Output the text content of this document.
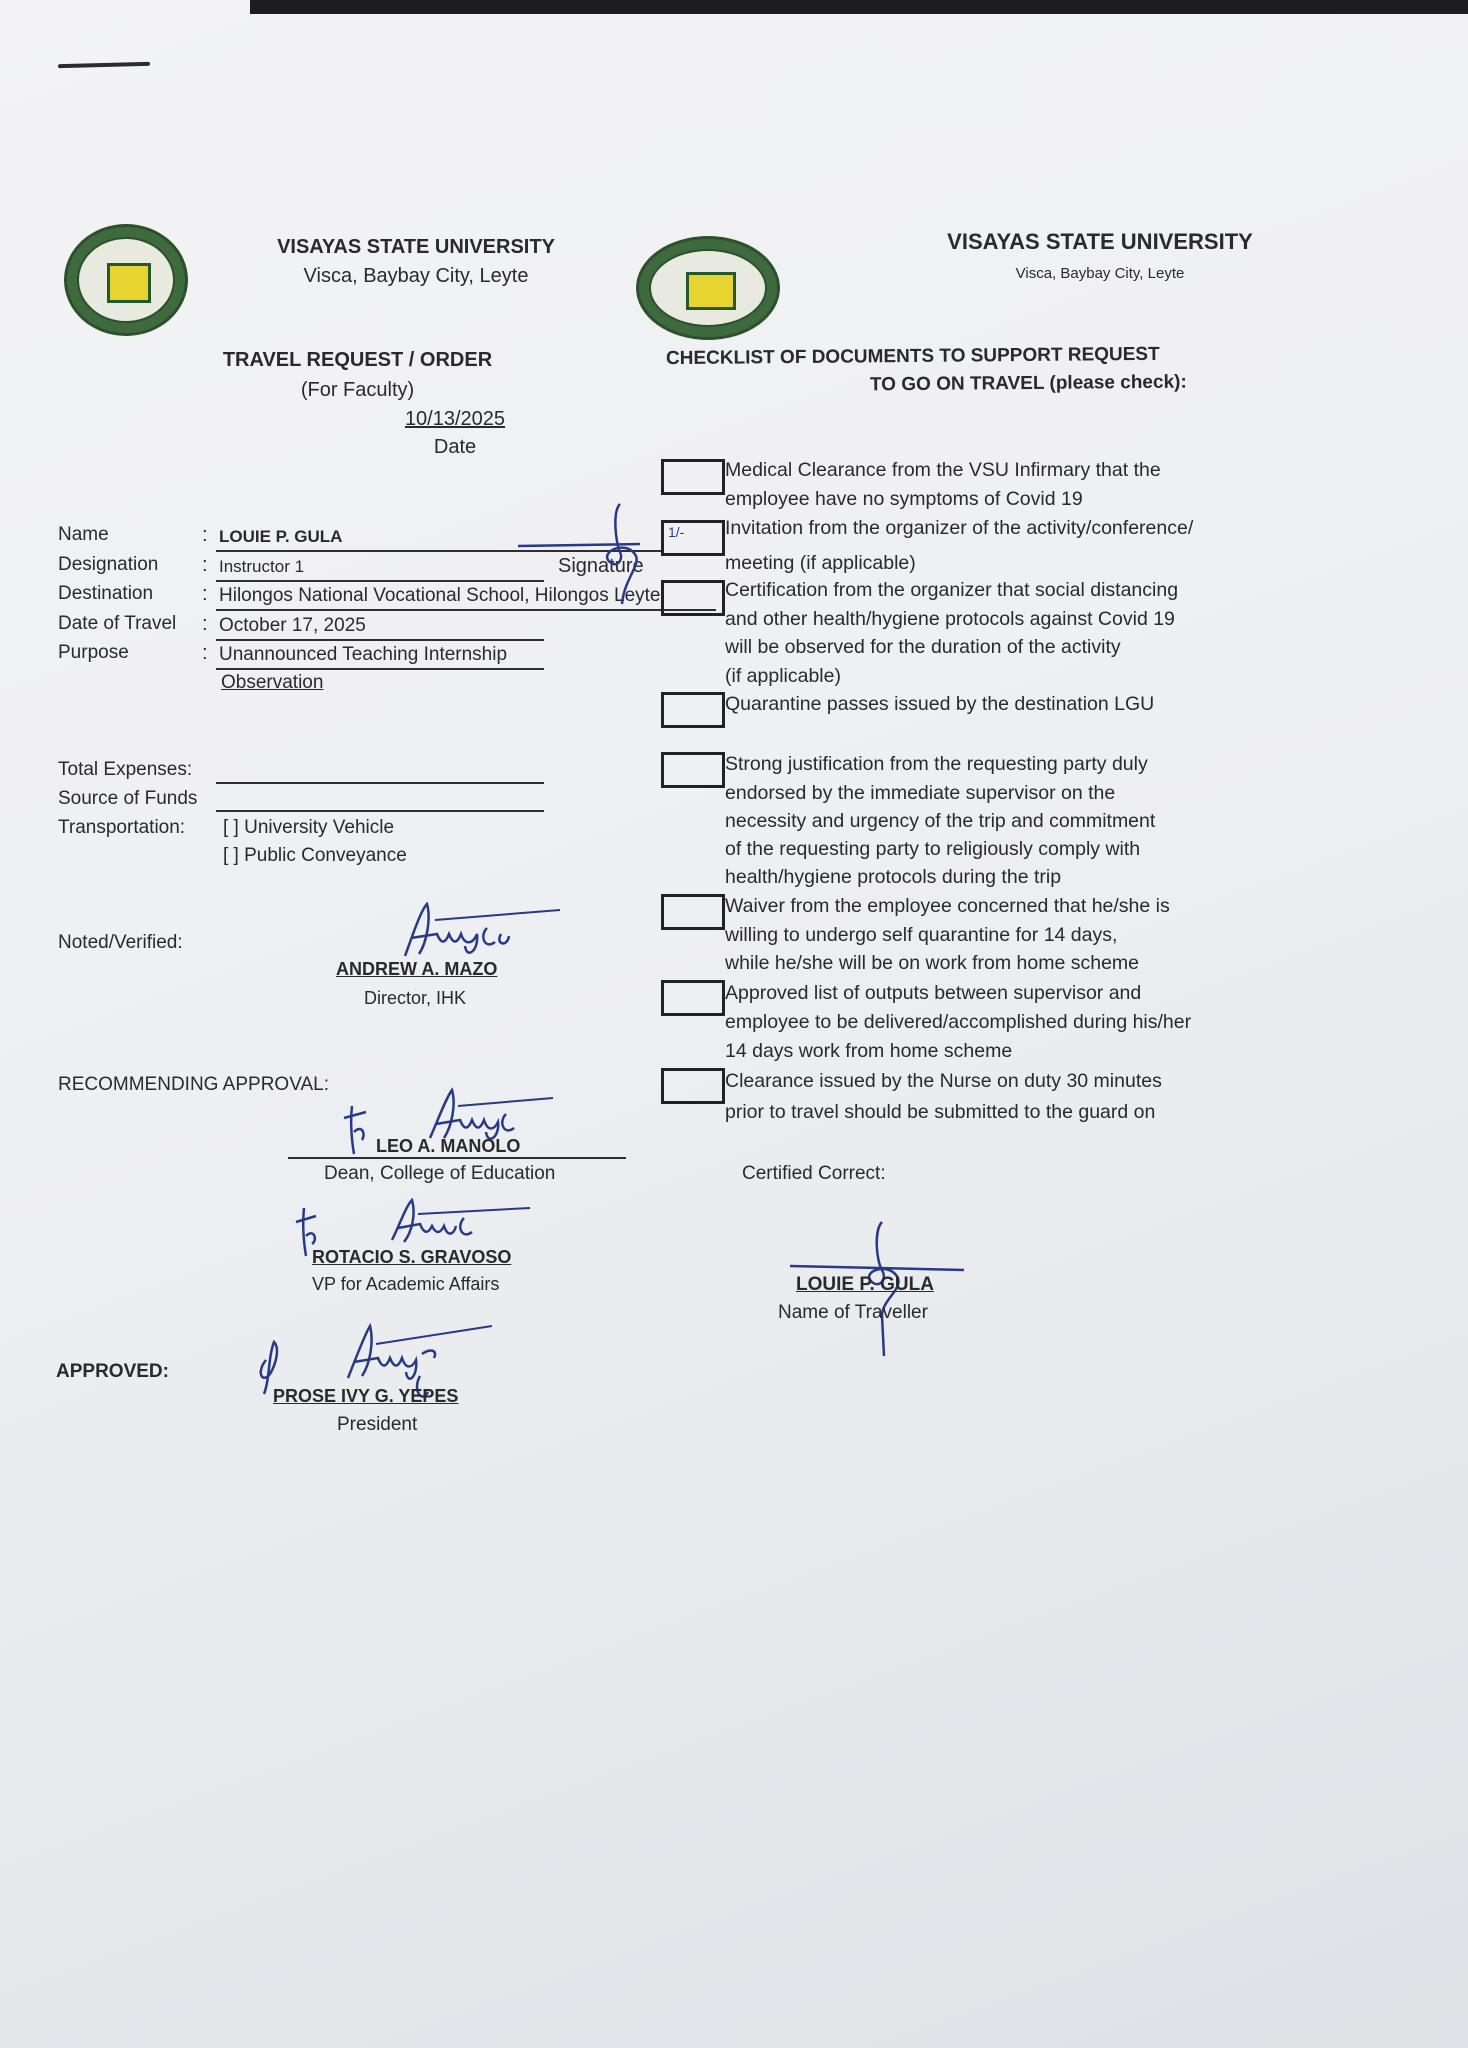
VISAYAS STATE UNIVERSITY
Visca, Baybay City, Leyte
VISAYAS STATE UNIVERSITY
Visca, Baybay City, Leyte
TRAVEL REQUEST / ORDER
(For Faculty)
10/13/2025
Date
Name	: LOUIE P. GULA
Designation : Instructor 1	Signature
Destination : Hilongos National Vocational School, Hilongos Leyte
Date of Travel : October 17, 2025
Purpose	: Unannounced Teaching Internship
Observation
Total Expenses:
Source of Funds
Transportation: [ ] University Vehicle
[ ] Public Conveyance
Noted/Verified:
ANDREW A. MAZO
Director, IHK
RECOMMENDING APPROVAL:
LEO A. MANOLO
Dean, College of Education
ROTACIO S. GRAVOSO
VP for Academic Affairs
APPROVED:
PROSE IVY G. YEPES
President
CHECKLIST OF DOCUMENTS TO SUPPORT REQUEST
TO GO ON TRAVEL (please check):
1/-
Medical Clearance from the VSU Infirmary that the
employee have no symptoms of Covid 19
Invitation from the organizer of the activity/conference/
meeting (if applicable)
Certification from the organizer that social distancing
and other health/hygiene protocols against Covid 19
will be observed for the duration of the activity
(if applicable)
Quarantine passes issued by the destination LGU
Strong justification from the requesting party duly
endorsed by the immediate supervisor on the
necessity and urgency of the trip and commitment
of the requesting party to religiously comply with
health/hygiene protocols during the trip
Waiver from the employee concerned that he/she is
willing to undergo self quarantine for 14 days,
while he/she will be on work from home scheme
Approved list of outputs between supervisor and
employee to be delivered/accomplished during his/her
14 days work from home scheme
Clearance issued by the Nurse on duty 30 minutes
prior to travel should be submitted to the guard on
Certified Correct:
LOUIE P. GULA
Name of Traveller
